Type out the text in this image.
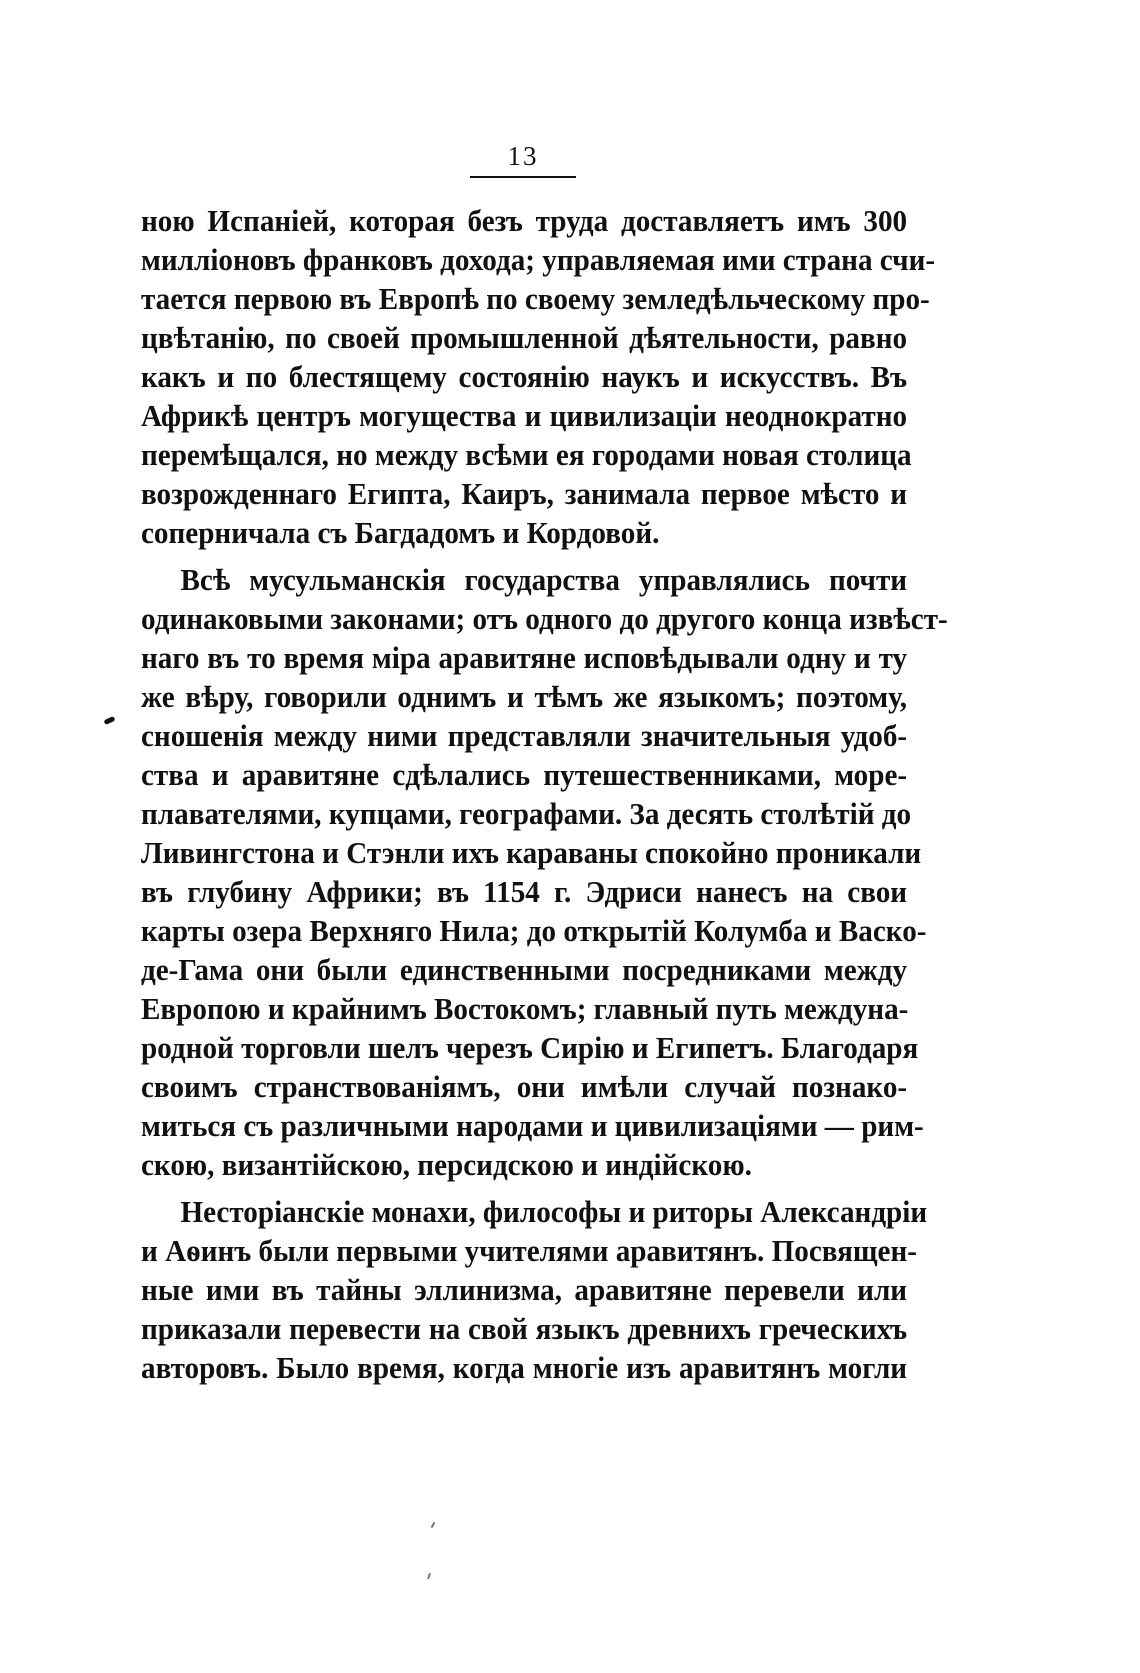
13
ною Испаніей, которая безъ труда доставляетъ имъ 300
милліоновъ франковъ дохода; управляемая ими страна счи-
тается первою въ Европѣ по своему земледѣльческому про-
цвѣтанію, по своей промышленной дѣятельности, равно
какъ и по блестящему состоянію наукъ и искусствъ. Въ
Африкѣ центръ могущества и цивилизаціи неоднократно
перемѣщался, но между всѣми ея городами новая столица
возрожденнаго Египта, Каиръ, занимала первое мѣсто и
соперничала съ Багдадомъ и Кордовой.
Всѣ мусульманскія государства управлялись почти
одинаковыми законами; отъ одного до другого конца извѣст-
наго въ то время міра аравитяне исповѣдывали одну и ту
же вѣру, говорили однимъ и тѣмъ же языкомъ; поэтому,
сношенія между ними представляли значительныя удоб-
ства и аравитяне сдѣлались путешественниками, море-
плавателями, купцами, географами. За десять столѣтій до
Ливингстона и Стэнли ихъ караваны спокойно проникали
въ глубину Африки; въ 1154 г. Эдриси нанесъ на свои
карты озера Верхняго Нила; до открытій Колумба и Васко-
де-Гама они были единственными посредниками между
Европою и крайнимъ Востокомъ; главный путь междуна-
родной торговли шелъ черезъ Сирію и Египетъ. Благодаря
своимъ странствованіямъ, они имѣли случай познако-
миться съ различными народами и цивилизаціями — рим-
скою, византійскою, персидскою и индійскою.
Несторіанскіе монахи, философы и риторы Александріи
и Аѳинъ были первыми учителями аравитянъ. Посвящен-
ные ими въ тайны эллинизма, аравитяне перевели или
приказали перевести на свой языкъ древнихъ греческихъ
авторовъ. Было время, когда многіе изъ аравитянъ могли
